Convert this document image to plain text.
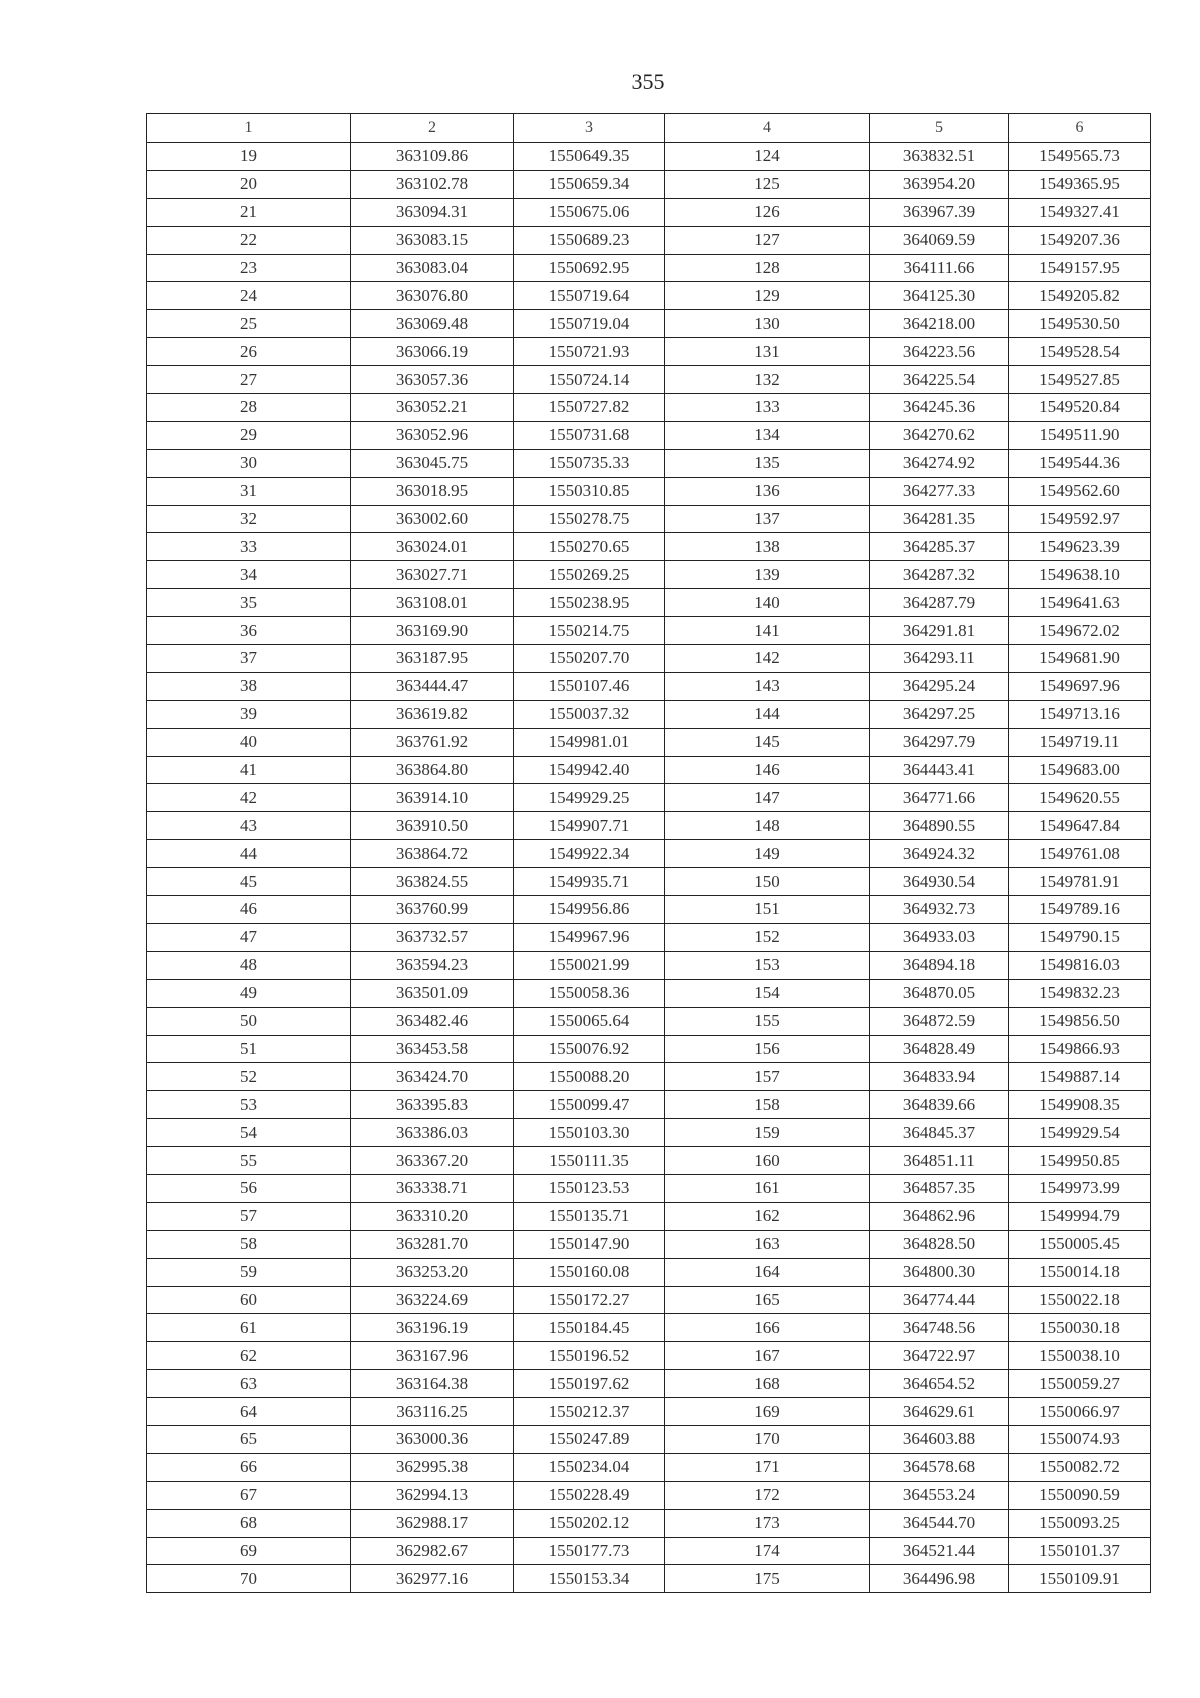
355
1	2	3	4	5	6
19	363109.86	1550649.35	124	363832.51	1549565.73
20	363102.78	1550659.34	125	363954.20	1549365.95
21	363094.31	1550675.06	126	363967.39	1549327.41
22	363083.15	1550689.23	127	364069.59	1549207.36
23	363083.04	1550692.95	128	364111.66	1549157.95
24	363076.80	1550719.64	129	364125.30	1549205.82
25	363069.48	1550719.04	130	364218.00	1549530.50
26	363066.19	1550721.93	131	364223.56	1549528.54
27	363057.36	1550724.14	132	364225.54	1549527.85
28	363052.21	1550727.82	133	364245.36	1549520.84
29	363052.96	1550731.68	134	364270.62	1549511.90
30	363045.75	1550735.33	135	364274.92	1549544.36
31	363018.95	1550310.85	136	364277.33	1549562.60
32	363002.60	1550278.75	137	364281.35	1549592.97
33	363024.01	1550270.65	138	364285.37	1549623.39
34	363027.71	1550269.25	139	364287.32	1549638.10
35	363108.01	1550238.95	140	364287.79	1549641.63
36	363169.90	1550214.75	141	364291.81	1549672.02
37	363187.95	1550207.70	142	364293.11	1549681.90
38	363444.47	1550107.46	143	364295.24	1549697.96
39	363619.82	1550037.32	144	364297.25	1549713.16
40	363761.92	1549981.01	145	364297.79	1549719.11
41	363864.80	1549942.40	146	364443.41	1549683.00
42	363914.10	1549929.25	147	364771.66	1549620.55
43	363910.50	1549907.71	148	364890.55	1549647.84
44	363864.72	1549922.34	149	364924.32	1549761.08
45	363824.55	1549935.71	150	364930.54	1549781.91
46	363760.99	1549956.86	151	364932.73	1549789.16
47	363732.57	1549967.96	152	364933.03	1549790.15
48	363594.23	1550021.99	153	364894.18	1549816.03
49	363501.09	1550058.36	154	364870.05	1549832.23
50	363482.46	1550065.64	155	364872.59	1549856.50
51	363453.58	1550076.92	156	364828.49	1549866.93
52	363424.70	1550088.20	157	364833.94	1549887.14
53	363395.83	1550099.47	158	364839.66	1549908.35
54	363386.03	1550103.30	159	364845.37	1549929.54
55	363367.20	1550111.35	160	364851.11	1549950.85
56	363338.71	1550123.53	161	364857.35	1549973.99
57	363310.20	1550135.71	162	364862.96	1549994.79
58	363281.70	1550147.90	163	364828.50	1550005.45
59	363253.20	1550160.08	164	364800.30	1550014.18
60	363224.69	1550172.27	165	364774.44	1550022.18
61	363196.19	1550184.45	166	364748.56	1550030.18
62	363167.96	1550196.52	167	364722.97	1550038.10
63	363164.38	1550197.62	168	364654.52	1550059.27
64	363116.25	1550212.37	169	364629.61	1550066.97
65	363000.36	1550247.89	170	364603.88	1550074.93
66	362995.38	1550234.04	171	364578.68	1550082.72
67	362994.13	1550228.49	172	364553.24	1550090.59
68	362988.17	1550202.12	173	364544.70	1550093.25
69	362982.67	1550177.73	174	364521.44	1550101.37
70	362977.16	1550153.34	175	364496.98	1550109.91
